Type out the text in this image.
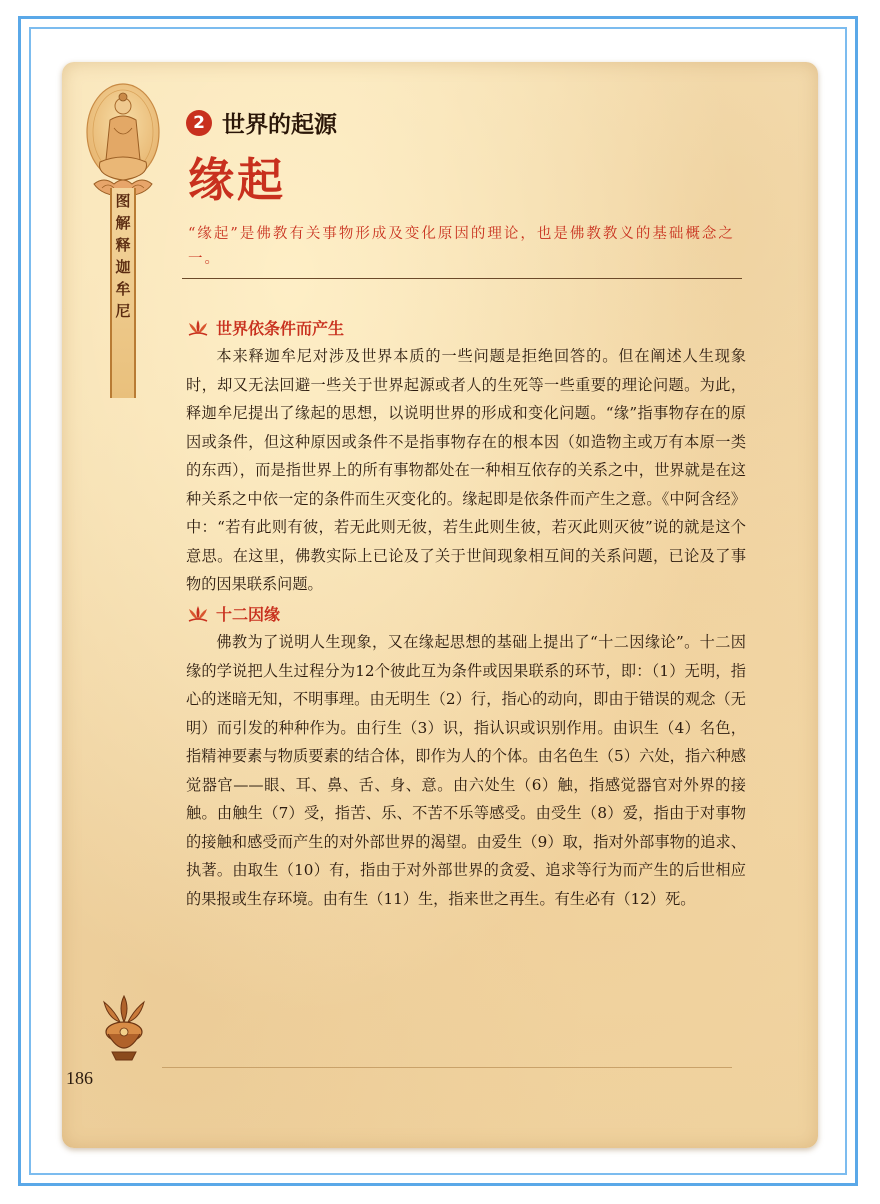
图
解
释
迦
牟
尼
2 世界的起源
缘起
“缘起”是佛教有关事物形成及变化原因的理论，也是佛教教义的基础概念之一。
世界依条件而产生
本来释迦牟尼对涉及世界本质的一些问题是拒绝回答的。但在阐述人生现象时，却又无法回避一些关于世界起源或者人的生死等一些重要的理论问题。为此，释迦牟尼提出了缘起的思想，以说明世界的形成和变化问题。“缘”指事物存在的原因或条件，但这种原因或条件不是指事物存在的根本因（如造物主或万有本原一类的东西），而是指世界上的所有事物都处在一种相互依存的关系之中，世界就是在这种关系之中依一定的条件而生灭变化的。缘起即是依条件而产生之意。《中阿含经》中：“若有此则有彼，若无此则无彼，若生此则生彼，若灭此则灭彼”说的就是这个意思。在这里，佛教实际上已论及了关于世间现象相互间的关系问题，已论及了事物的因果联系问题。
十二因缘
佛教为了说明人生现象，又在缘起思想的基础上提出了“十二因缘论”。十二因缘的学说把人生过程分为12个彼此互为条件或因果联系的环节，即：（1）无明，指心的迷暗无知，不明事理。由无明生（2）行，指心的动向，即由于错误的观念（无明）而引发的种种作为。由行生（3）识，指认识或识别作用。由识生（4）名色，指精神要素与物质要素的结合体，即作为人的个体。由名色生（5）六处，指六种感觉器官——眼、耳、鼻、舌、身、意。由六处生（6）触，指感觉器官对外界的接触。由触生（7）受，指苦、乐、不苦不乐等感受。由受生（8）爱，指由于对事物的接触和感受而产生的对外部世界的渴望。由爱生（9）取，指对外部事物的追求、执著。由取生（10）有，指由于对外部世界的贪爱、追求等行为而产生的后世相应的果报或生存环境。由有生（11）生，指来世之再生。有生必有（12）死。
186
